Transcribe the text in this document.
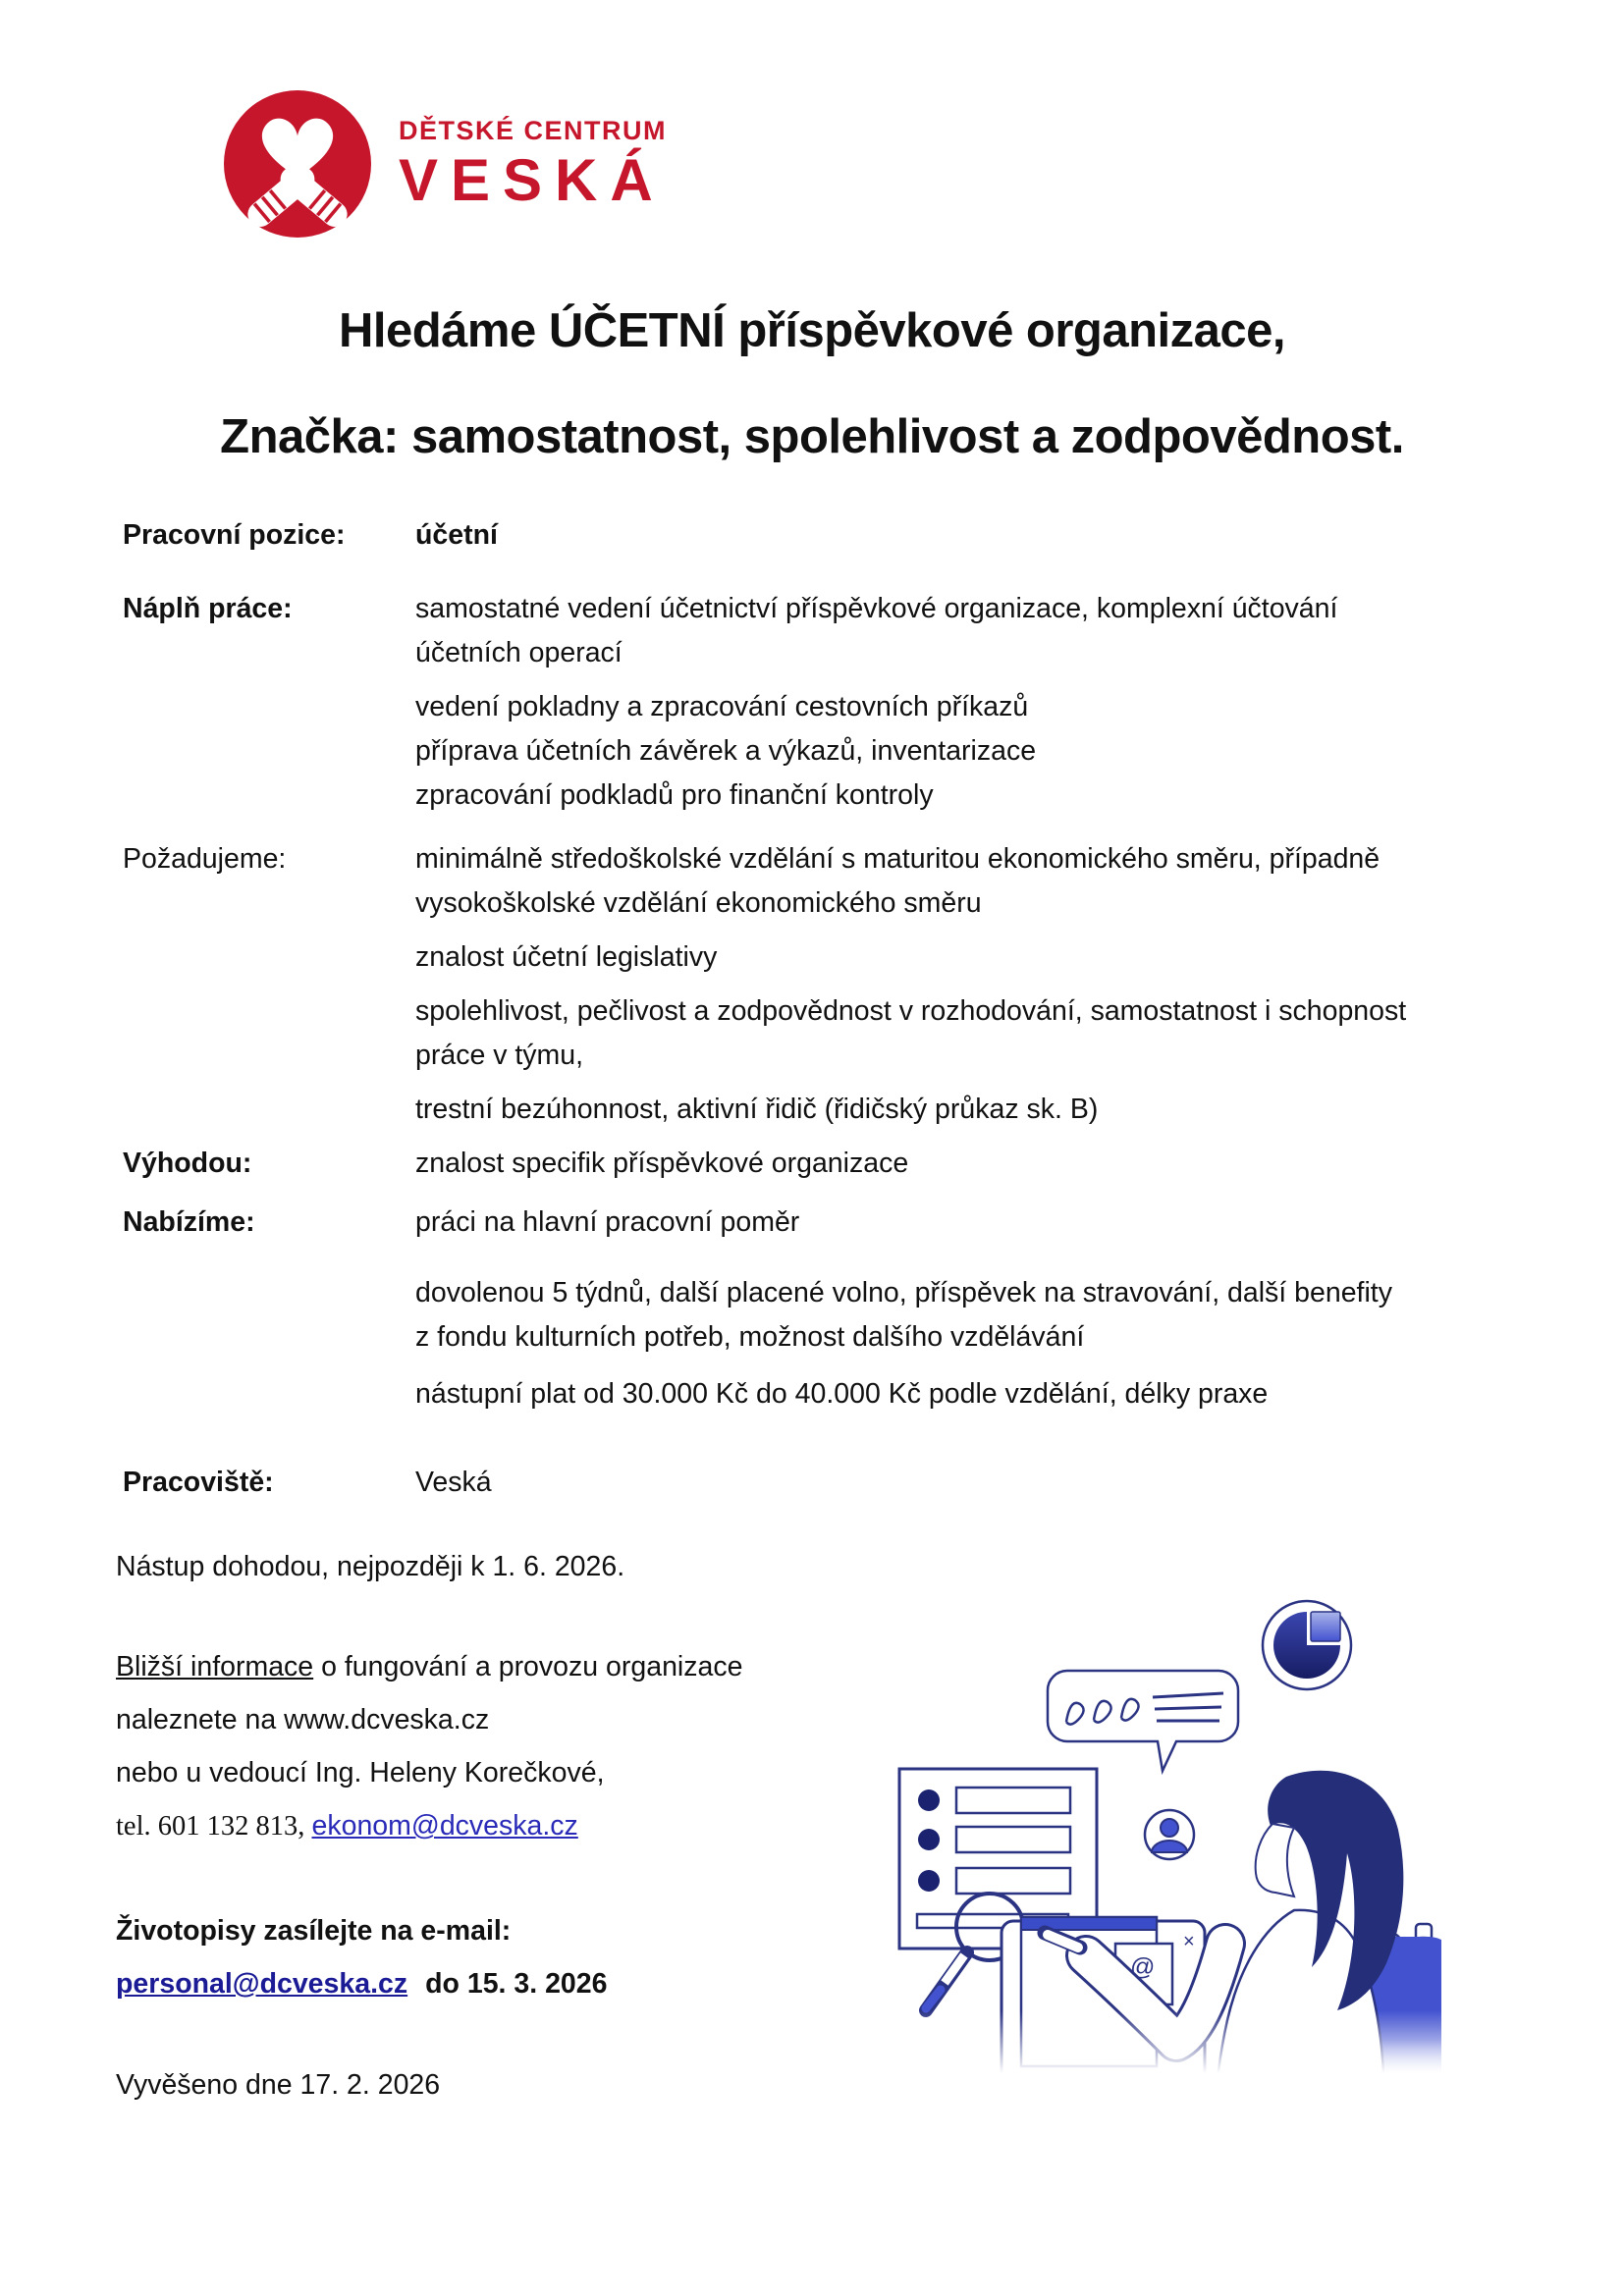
DĚTSKÉ CENTRUM
VESKÁ
Hledáme ÚČETNÍ příspěvkové organizace,
Značka: samostatnost, spolehlivost a zodpovědnost.
Pracovní pozice:	účetní
Náplň práce:	samostatné vedení účetnictví příspěvkové organizace, komplexní účtování
účetních operací
vedení pokladny a zpracování cestovních příkazů
příprava účetních závěrek a výkazů, inventarizace
zpracování podkladů pro finanční kontroly
Požadujeme:	minimálně středoškolské vzdělání s maturitou ekonomického směru, případně
vysokoškolské vzdělání ekonomického směru
znalost účetní legislativy
spolehlivost, pečlivost a zodpovědnost v rozhodování, samostatnost i schopnost
práce v týmu,
trestní bezúhonnost, aktivní řidič (řidičský průkaz sk. B)
Výhodou:	znalost specifik příspěvkové organizace
Nabízíme:	práci na hlavní pracovní poměr
dovolenou 5 týdnů, další placené volno, příspěvek na stravování, další benefity
z fondu kulturních potřeb, možnost dalšího vzdělávání
nástupní plat od 30.000 Kč do 40.000 Kč podle vzdělání, délky praxe
Pracoviště:	Veská
Nástup dohodou, nejpozději k 1. 6. 2026.
Bližší informace o fungování a provozu organizace
naleznete na www.dcveska.cz
nebo u vedoucí Ing. Heleny Korečkové,
tel. 601 132 813, ekonom@dcveska.cz
Životopisy zasílejte na e-mail:
personal@dcveska.cz do 15. 3. 2026
Vyvěšeno dne 17. 2. 2026
×
@
